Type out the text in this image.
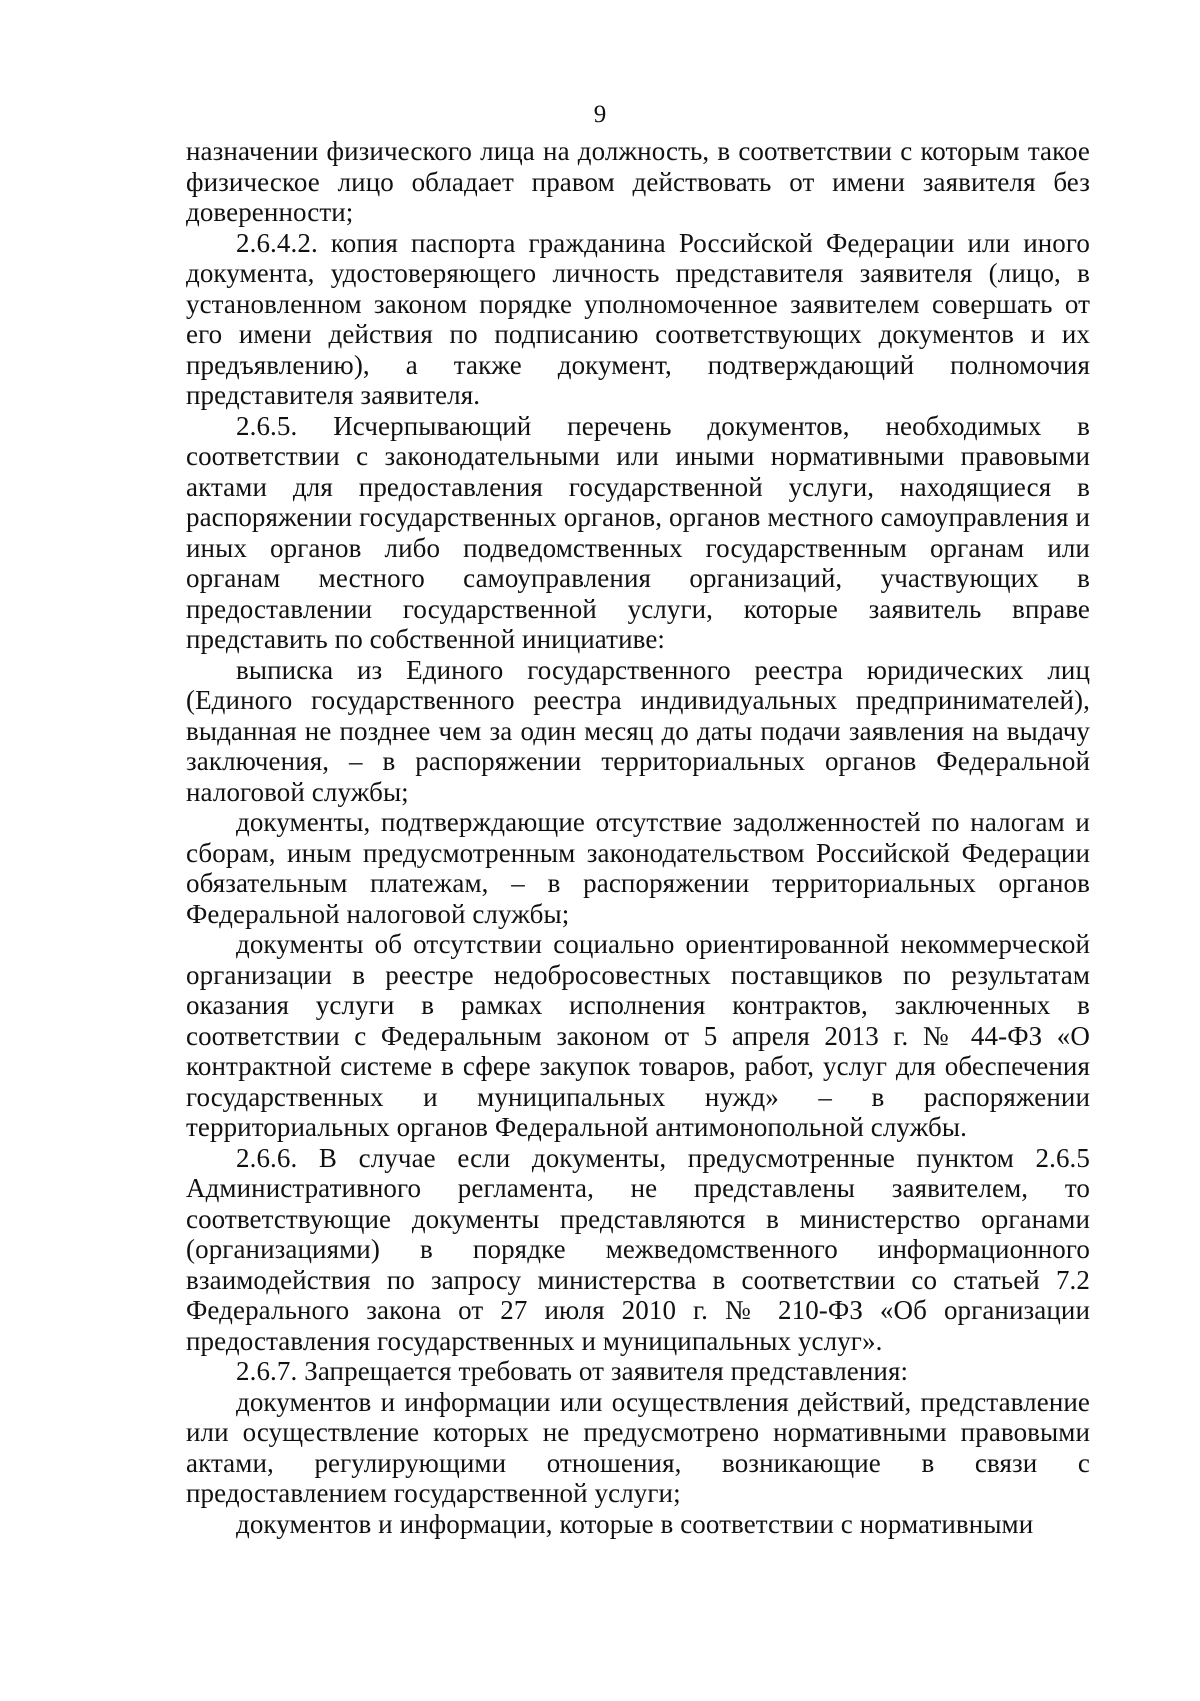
9

назначении физического лица на должность, в соответствии с которым такое физическое лицо обладает правом действовать от имени заявителя без доверенности;

2.6.4.2. копия паспорта гражданина Российской Федерации или иного документа, удостоверяющего личность представителя заявителя (лицо, в установленном законом порядке уполномоченное заявителем совершать от его имени действия по подписанию соответствующих документов и их предъявлению), а также документ, подтверждающий полномочия представителя заявителя.

2.6.5. Исчерпывающий перечень документов, необходимых в соответствии с законодательными или иными нормативными правовыми актами для предоставления государственной услуги, находящиеся в распоряжении государственных органов, органов местного самоуправления и иных органов либо подведомственных государственным органам или органам местного самоуправления организаций, участвующих в предоставлении государственной услуги, которые заявитель вправе представить по собственной инициативе:

выписка из Единого государственного реестра юридических лиц (Единого государственного реестра индивидуальных предпринимателей), выданная не позднее чем за один месяц до даты подачи заявления на выдачу заключения, – в распоряжении территориальных органов Федеральной налоговой службы;

документы, подтверждающие отсутствие задолженностей по налогам и сборам, иным предусмотренным законодательством Российской Федерации обязательным платежам, – в распоряжении территориальных органов Федеральной налоговой службы;

документы об отсутствии социально ориентированной некоммерческой организации в реестре недобросовестных поставщиков по результатам оказания услуги в рамках исполнения контрактов, заключенных в соответствии с Федеральным законом от 5 апреля 2013 г. № 44-ФЗ «О контрактной системе в сфере закупок товаров, работ, услуг для обеспечения государственных и муниципальных нужд» – в распоряжении территориальных органов Федеральной антимонопольной службы.

2.6.6. В случае если документы, предусмотренные пунктом 2.6.5 Административного регламента, не представлены заявителем, то соответствующие документы представляются в министерство органами (организациями) в порядке межведомственного информационного взаимодействия по запросу министерства в соответствии со статьей 7.2 Федерального закона от 27 июля 2010 г. № 210-ФЗ «Об организации предоставления государственных и муниципальных услуг».

2.6.7. Запрещается требовать от заявителя представления:

документов и информации или осуществления действий, представление или осуществление которых не предусмотрено нормативными правовыми актами, регулирующими отношения, возникающие в связи с предоставлением государственной услуги;

документов и информации, которые в соответствии с нормативными
